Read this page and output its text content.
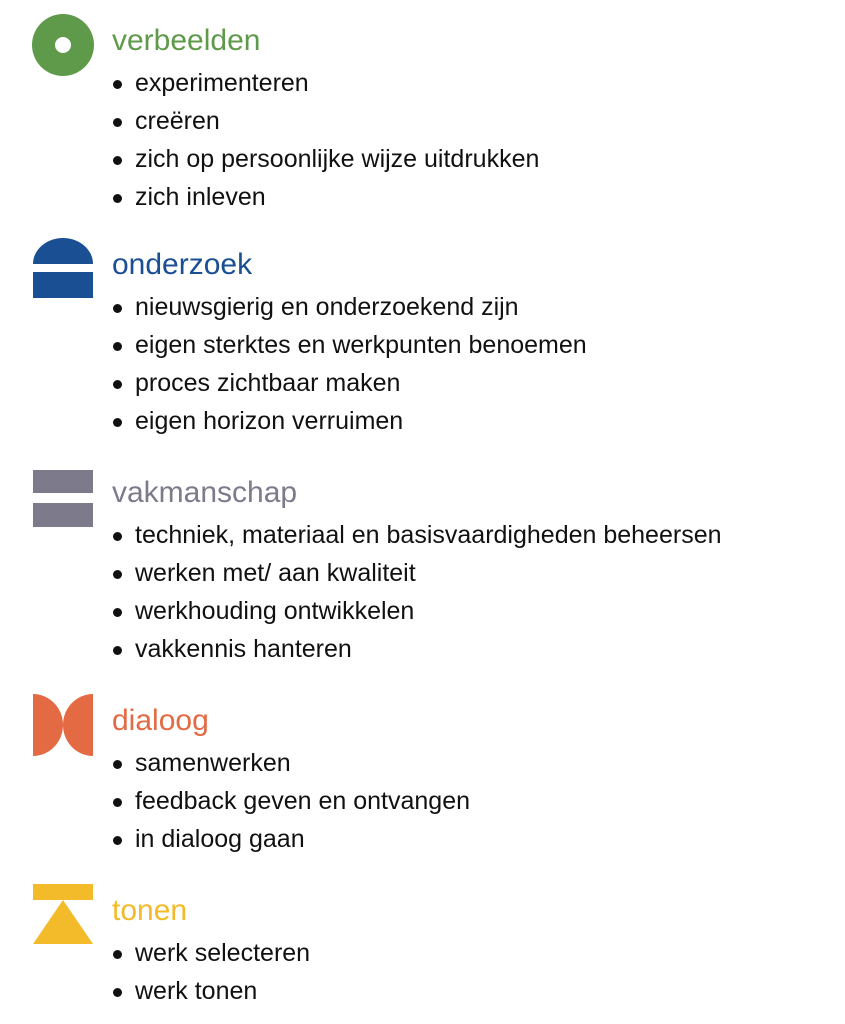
verbeelden
experimenteren
creëren
zich op persoonlijke wijze uitdrukken
zich inleven
onderzoek
nieuwsgierig en onderzoekend zijn
eigen sterktes en werkpunten benoemen
proces zichtbaar maken
eigen horizon verruimen
vakmanschap
techniek, materiaal en basisvaardigheden beheersen
werken met/ aan kwaliteit
werkhouding ontwikkelen
vakkennis hanteren
dialoog
samenwerken
feedback geven en ontvangen
in dialoog gaan
tonen
werk selecteren
werk tonen
